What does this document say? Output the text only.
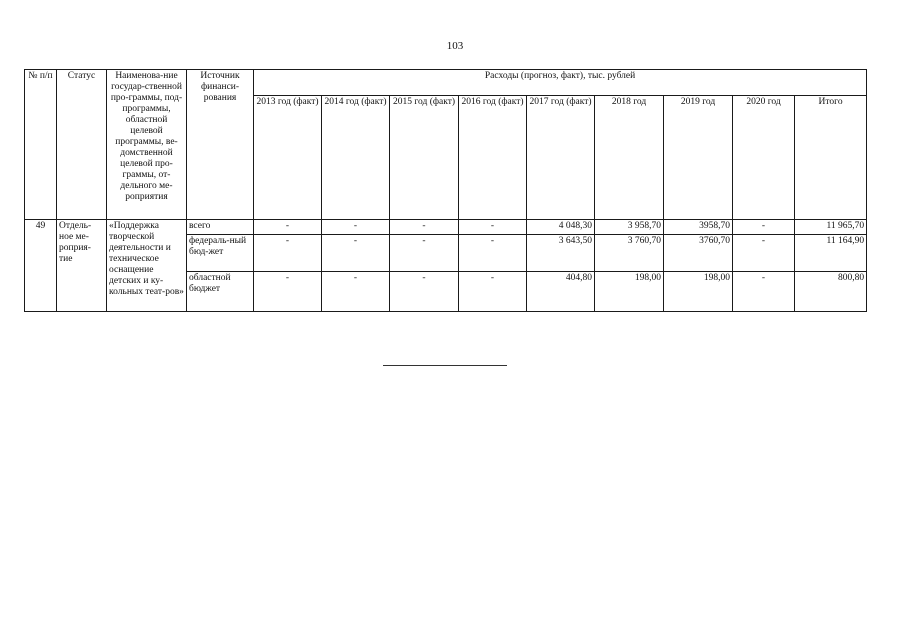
103
№ п/п	Статус	Наименова-ние государ-ственной про-граммы, под-программы, областной целевой программы, ве-домственной целевой про-граммы, от-дельного ме-роприятия	Источник финанси-рования	Расходы (прогноз, факт), тыс. рублей								
				2013 год (факт)	2014 год (факт)	2015 год (факт)	2016 год (факт)	2017 год (факт)	2018 год	2019 год	2020 год	Итого
49	Отдель-ное ме-роприя-тие	«Поддержка творческой деятельности и техническое оснащение детских и ку-кольных теат-ров»	всего	-	-	-	-	4 048,30	3 958,70	3958,70	-	11 965,70
			федераль-ный бюд-жет	-	-	-	-	3 643,50	3 760,70	3760,70	-	11 164,90
			областной бюджет	-	-	-	-	404,80	198,00	198,00	-	800,80
